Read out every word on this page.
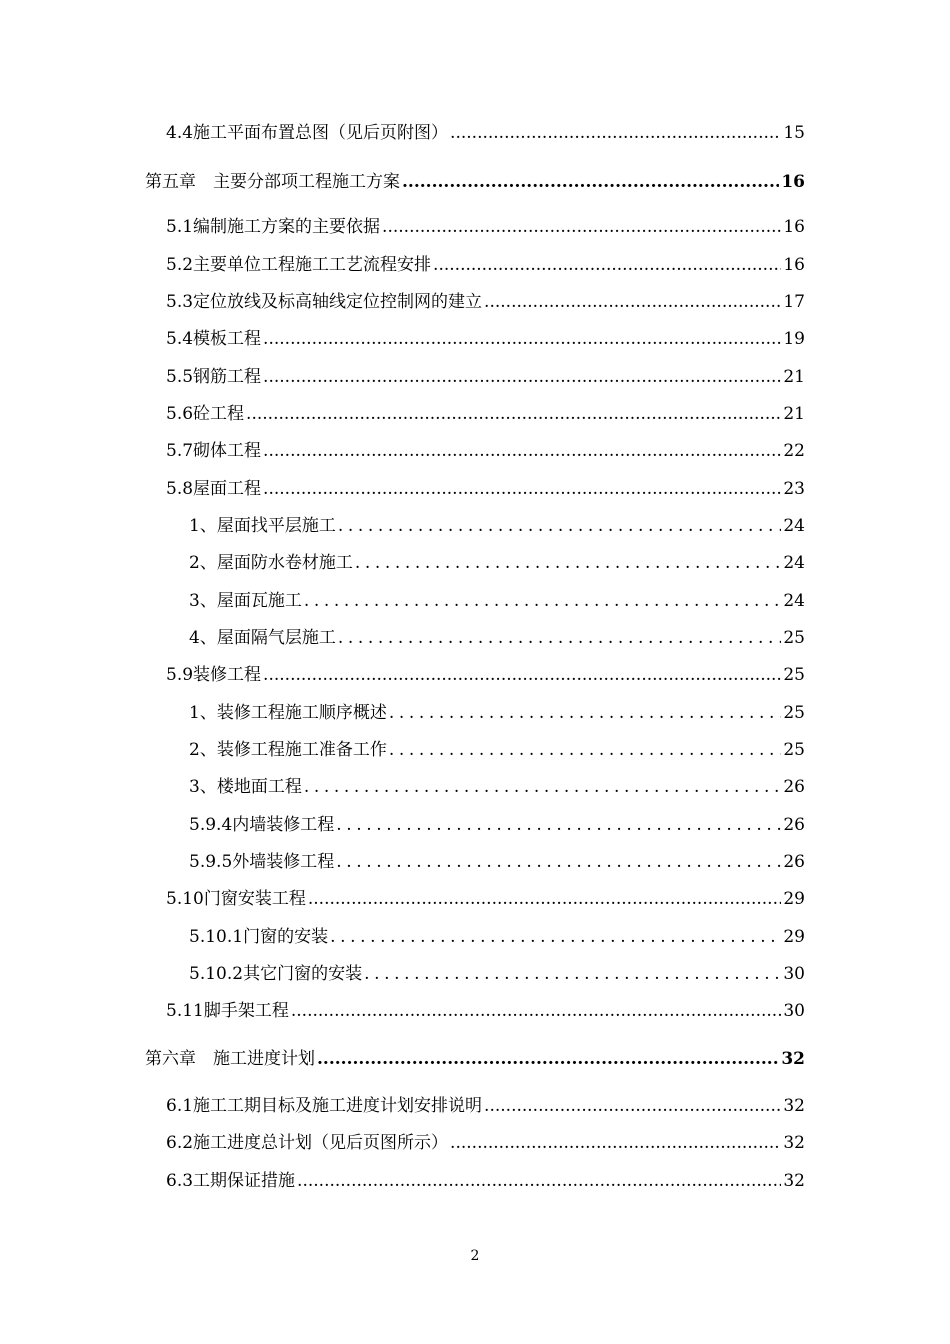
4.4施工平面布置总图（见后页附图） .....	15
第五章　主要分部项工程施工方案 .....	16
5.1编制施工方案的主要依据 .....	16
5.2主要单位工程施工工艺流程安排 .....	16
5.3定位放线及标高轴线定位控制网的建立 .....	17
5.4模板工程 .....	19
5.5钢筋工程 .....	21
5.6砼工程 .....	21
5.7砌体工程 .....	22
5.8屋面工程 .....	23
1、屋面找平层施工 .....	24
2、屋面防水卷材施工 .....	24
3、屋面瓦施工 .....	24
4、屋面隔气层施工 .....	25
5.9装修工程 .....	25
1、装修工程施工顺序概述 .....	25
2、装修工程施工准备工作 .....	25
3、楼地面工程 .....	26
5.9.4内墙装修工程 .....	26
5.9.5外墙装修工程 .....	26
5.10门窗安装工程 .....	29
5.10.1门窗的安装 .....	29
5.10.2其它门窗的安装 .....	30
5.11脚手架工程 .....	30
第六章　施工进度计划 .....	32
6.1施工工期目标及施工进度计划安排说明 .....	32
6.2施工进度总计划（见后页图所示） .....	32
6.3工期保证措施 .....	32
2
